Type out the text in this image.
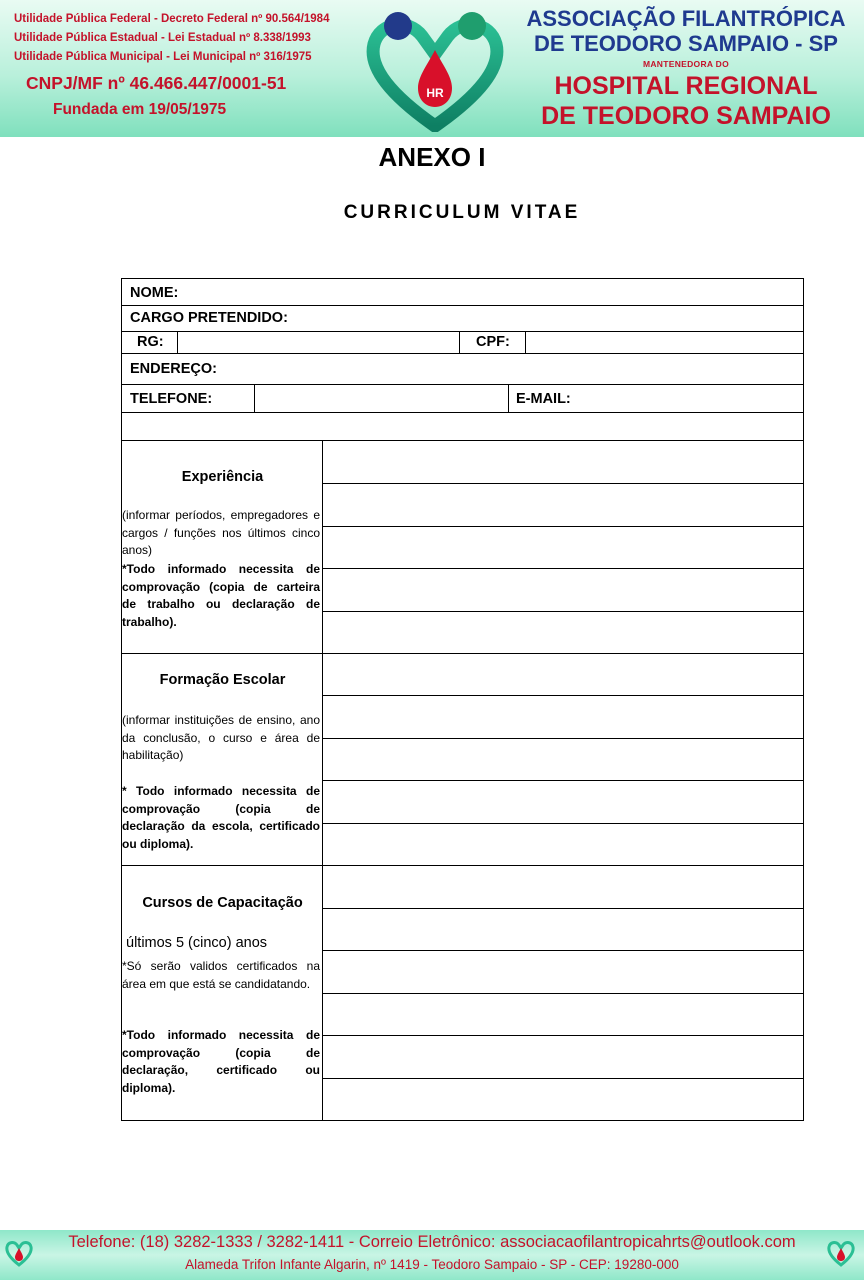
Utilidade Pública Federal - Decreto Federal nº 90.564/1984
Utilidade Pública Estadual - Lei Estadual nº 8.338/1993
Utilidade Pública Municipal - Lei Municipal nº 316/1975
CNPJ/MF nº 46.466.447/0001-51
Fundada em 19/05/1975
HR
ASSOCIAÇÃO FILANTRÓPICA
DE TEODORO SAMPAIO - SP
MANTENEDORA DO
HOSPITAL REGIONAL
DE TEODORO SAMPAIO
ANEXO I
CURRICULUM VITAE
NOME:
CARGO PRETENDIDO:
RG:	CPF:
ENDEREÇO:
TELEFONE:	E-MAIL:
Experiência
(informar períodos, empregadores e cargos / funções nos últimos cinco anos)
*Todo informado necessita de comprovação (copia de carteira de trabalho ou declaração de trabalho).
Formação Escolar
(informar instituições de ensino, ano da conclusão, o curso e área de habilitação)
* Todo informado necessita de comprovação (copia de declaração da escola, certificado ou diploma).
Cursos de Capacitação
últimos 5 (cinco) anos
*Só serão validos certificados na área em que está se candidatando.
*Todo informado necessita de comprovação (copia de declaração, certificado ou diploma).
Telefone: (18) 3282-1333 / 3282-1411 - Correio Eletrônico: associacaofilantropicahrts@outlook.com
Alameda Trifon Infante Algarin, nº 1419 - Teodoro Sampaio - SP - CEP: 19280-000
